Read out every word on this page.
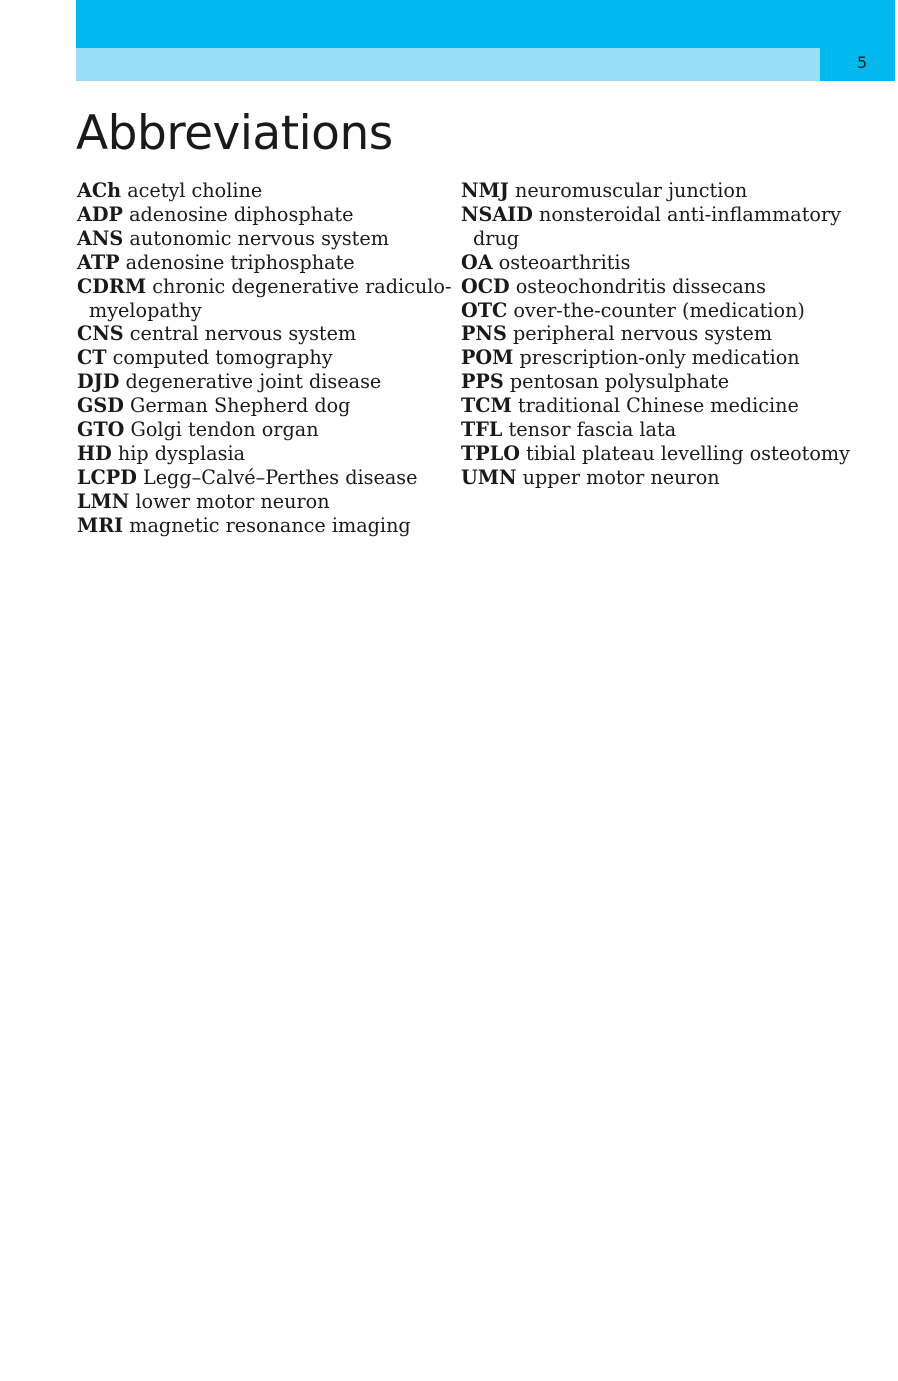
5
Abbreviations
ACh acetyl choline
ADP adenosine diphosphate
ANS autonomic nervous system
ATP adenosine triphosphate
CDRM chronic degenerative radiculo-myelopathy
CNS central nervous system
CT computed tomography
DJD degenerative joint disease
GSD German Shepherd dog
GTO Golgi tendon organ
HD hip dysplasia
LCPD Legg–Calvé–Perthes disease
LMN lower motor neuron
MRI magnetic resonance imaging
NMJ neuromuscular junction
NSAID nonsteroidal anti-inflammatory drug
OA osteoarthritis
OCD osteochondritis dissecans
OTC over-the-counter (medication)
PNS peripheral nervous system
POM prescription-only medication
PPS pentosan polysulphate
TCM traditional Chinese medicine
TFL tensor fascia lata
TPLO tibial plateau levelling osteotomy
UMN upper motor neuron
